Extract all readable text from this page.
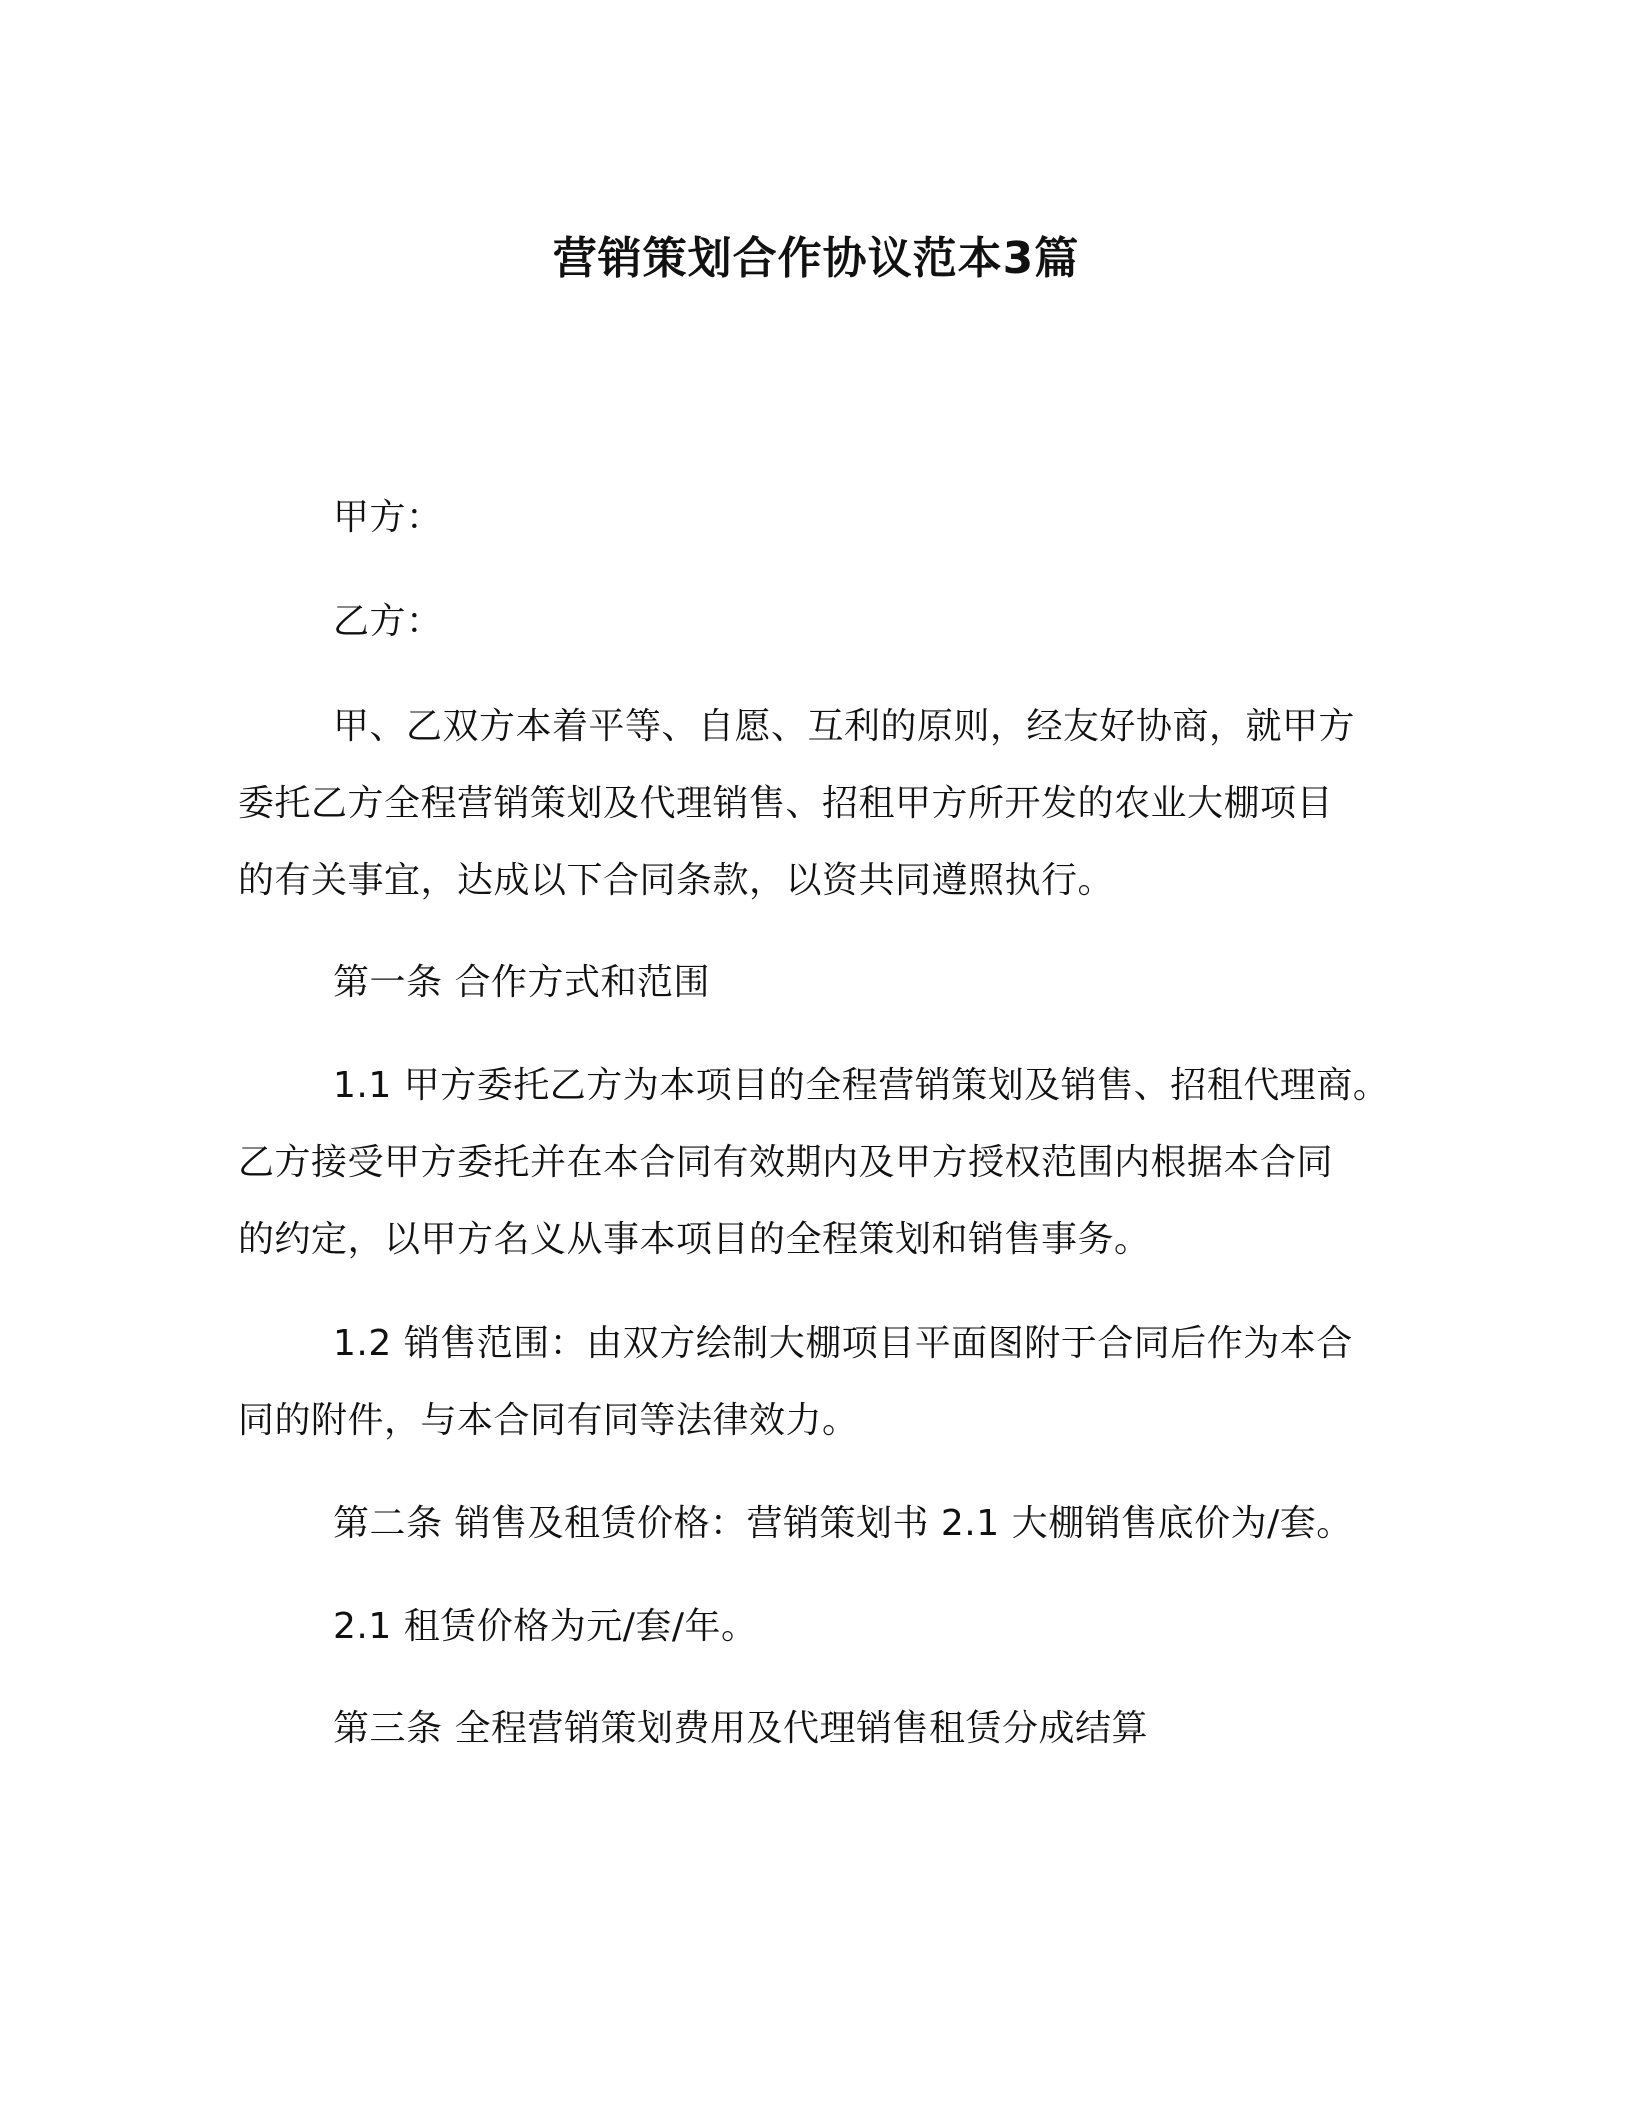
营销策划合作协议范本3篇
甲方：
乙方：
甲、乙双方本着平等、自愿、互利的原则，经友好协商，就甲方
委托乙方全程营销策划及代理销售、招租甲方所开发的农业大棚项目
的有关事宜，达成以下合同条款，以资共同遵照执行。
第一条 合作方式和范围
1.1 甲方委托乙方为本项目的全程营销策划及销售、招租代理商。
乙方接受甲方委托并在本合同有效期内及甲方授权范围内根据本合同
的约定，以甲方名义从事本项目的全程策划和销售事务。
1.2 销售范围：由双方绘制大棚项目平面图附于合同后作为本合
同的附件，与本合同有同等法律效力。
第二条 销售及租赁价格：营销策划书 2.1 大棚销售底价为/套。
2.1 租赁价格为元/套/年。
第三条 全程营销策划费用及代理销售租赁分成结算
